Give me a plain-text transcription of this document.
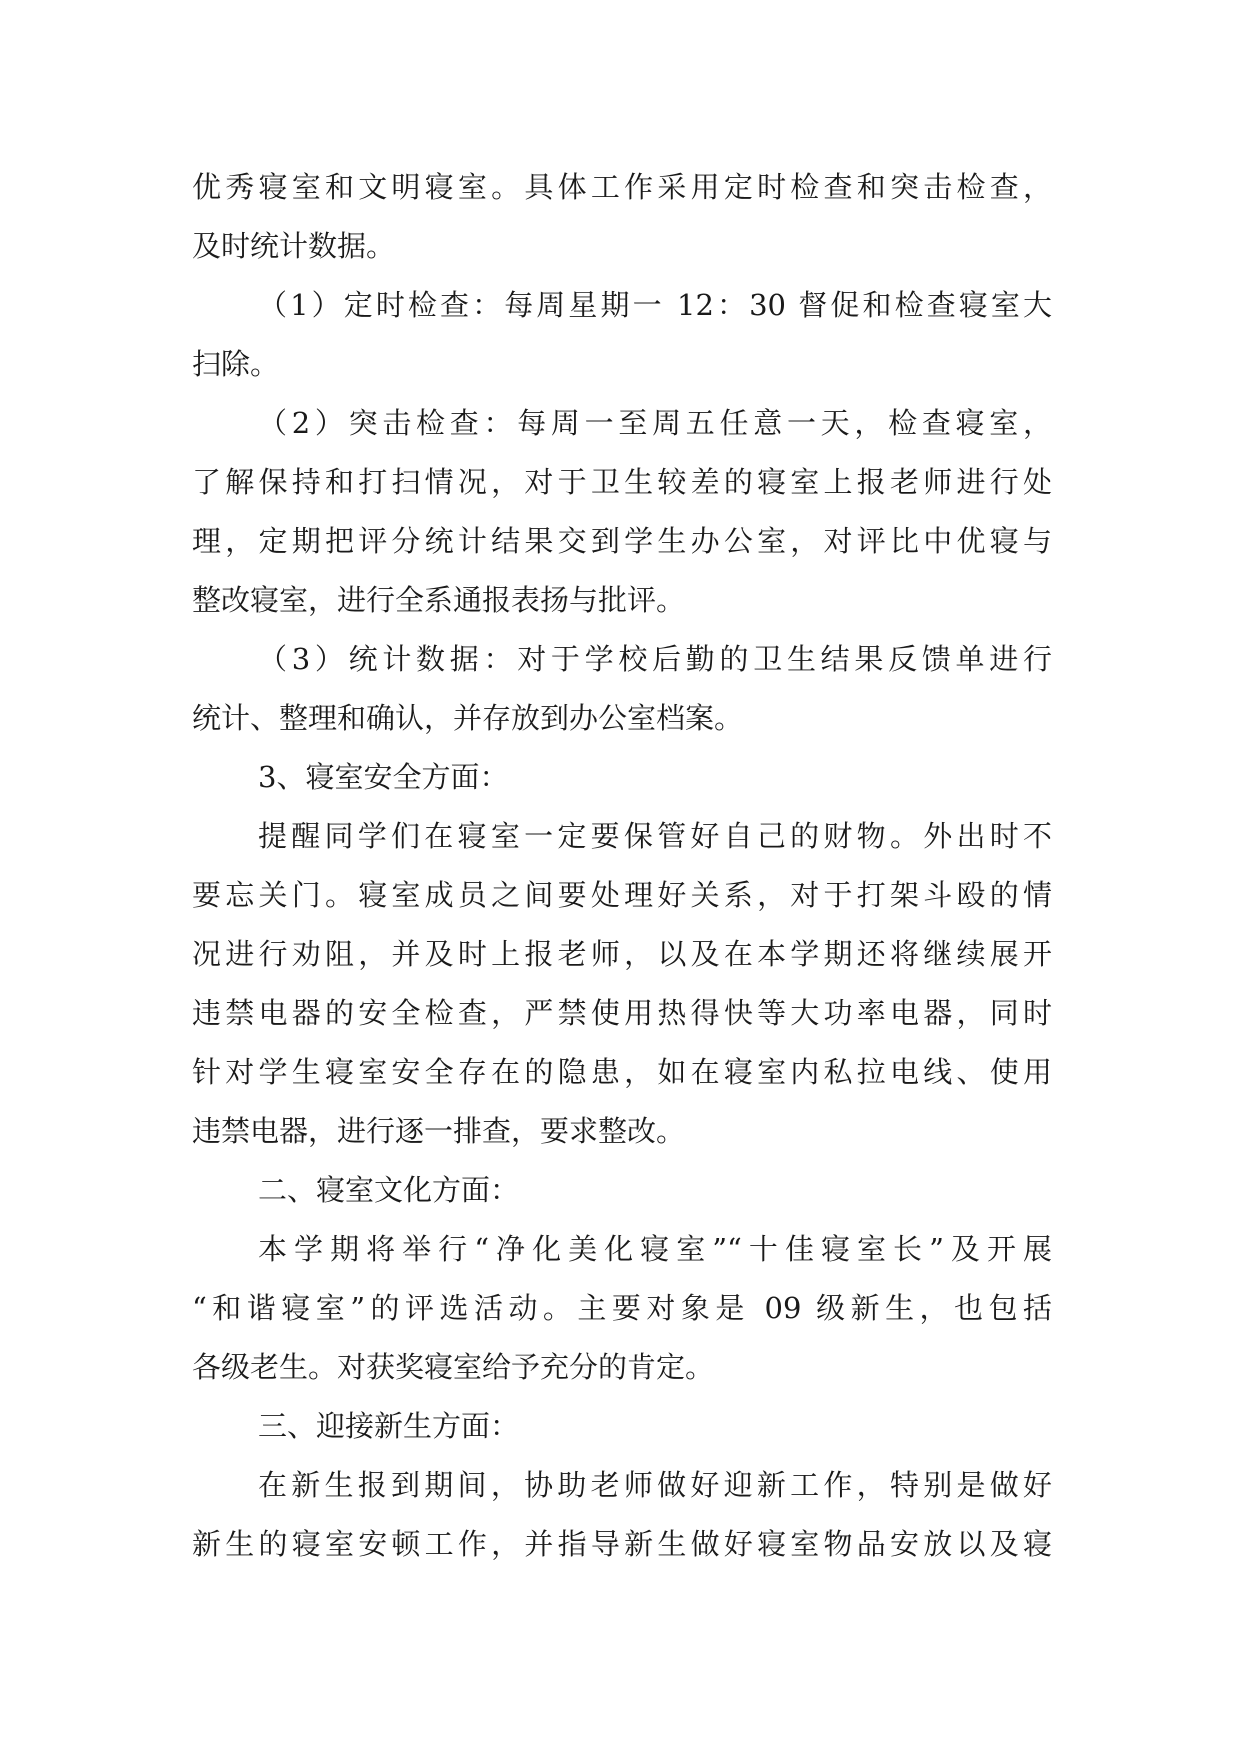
优秀寝室和文明寝室。具体工作采用定时检查和突击检查，
及时统计数据。
（1）定时检查：每周星期一 12：30 督促和检查寝室大
扫除。
（2）突击检查：每周一至周五任意一天，检查寝室，
了解保持和打扫情况，对于卫生较差的寝室上报老师进行处
理，定期把评分统计结果交到学生办公室，对评比中优寝与
整改寝室，进行全系通报表扬与批评。
（3）统计数据：对于学校后勤的卫生结果反馈单进行
统计、整理和确认，并存放到办公室档案。
3、寝室安全方面：
提醒同学们在寝室一定要保管好自己的财物。外出时不
要忘关门。寝室成员之间要处理好关系，对于打架斗殴的情
况进行劝阻，并及时上报老师，以及在本学期还将继续展开
违禁电器的安全检查，严禁使用热得快等大功率电器，同时
针对学生寝室安全存在的隐患，如在寝室内私拉电线、使用
违禁电器，进行逐一排查，要求整改。
二、寝室文化方面：
本学期将举行“净化美化寝室”“十佳寝室长”及开展
“和谐寝室”的评选活动。主要对象是 09 级新生，也包括
各级老生。对获奖寝室给予充分的肯定。
三、迎接新生方面：
在新生报到期间，协助老师做好迎新工作，特别是做好
新生的寝室安顿工作，并指导新生做好寝室物品安放以及寝
